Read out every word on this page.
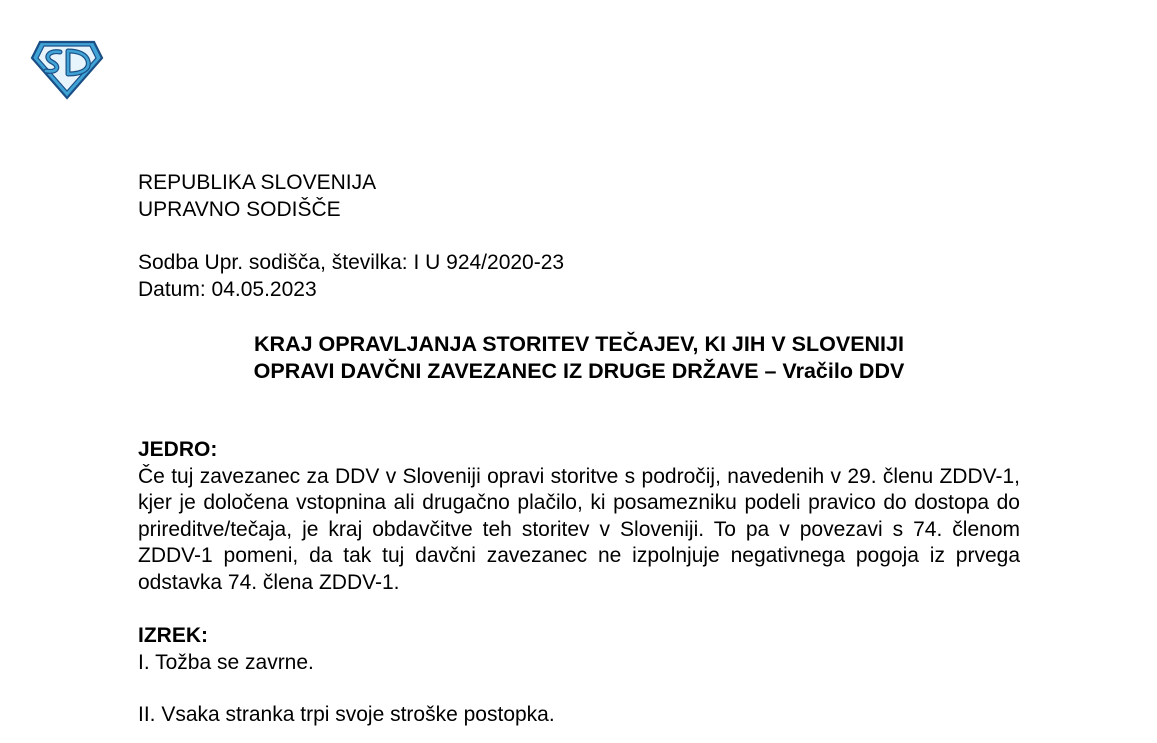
REPUBLIKA SLOVENIJA
UPRAVNO SODIŠČE
Sodba Upr. sodišča, številka: I U 924/2020-23
Datum: 04.05.2023
KRAJ OPRAVLJANJA STORITEV TEČAJEV, KI JIH V SLOVENIJI
OPRAVI DAVČNI ZAVEZANEC IZ DRUGE DRŽAVE – Vračilo DDV
JEDRO:
Če tuj zavezanec za DDV v Sloveniji opravi storitve s področij, navedenih v 29. členu ZDDV-1, kjer je določena vstopnina ali drugačno plačilo, ki posamezniku podeli pravico do dostopa do prireditve/tečaja, je kraj obdavčitve teh storitev v Sloveniji. To pa v povezavi s 74. členom ZDDV-1 pomeni, da tak tuj davčni zavezanec ne izpolnjuje negativnega pogoja iz prvega odstavka 74. člena ZDDV-1.
IZREK:
I. Tožba se zavrne.
II. Vsaka stranka trpi svoje stroške postopka.
